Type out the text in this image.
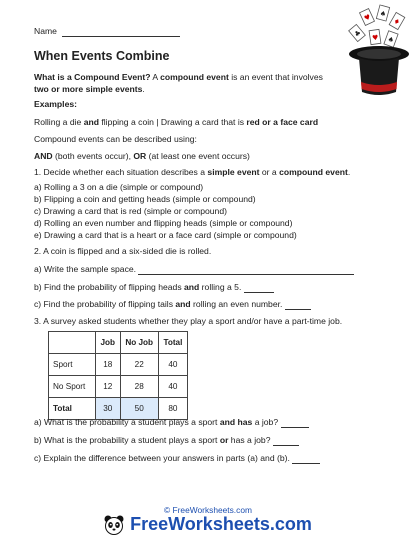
Name
♥ ♠
♦
♣ ♥ ♠
When Events Combine
What is a Compound Event? A compound event is an event that involves
two or more simple events.
Examples:
Rolling a die and flipping a coin | Drawing a card that is red or a face card
Compound events can be described using:
AND (both events occur), OR (at least one event occurs)
1. Decide whether each situation describes a simple event or a compound event.
a) Rolling a 3 on a die (simple or compound)
b) Flipping a coin and getting heads (simple or compound)
c) Drawing a card that is red (simple or compound)
d) Rolling an even number and flipping heads (simple or compound)
e) Drawing a card that is a heart or a face card (simple or compound)
2. A coin is flipped and a six-sided die is rolled.
a) Write the sample space.
b) Find the probability of flipping heads and rolling a 5.
c) Find the probability of flipping tails and rolling an even number.
3. A survey asked students whether they play a sport and/or have a part-time job.
	Job	No Job	Total
Sport	18	22	40
No Sport	12	28	40
Total	30	50	80
a) What is the probability a student plays a sport and has a job?
b) What is the probability a student plays a sport or has a job?
c) Explain the difference between your answers in parts (a) and (b).
© FreeWorksheets.com
FreeWorksheets.com
